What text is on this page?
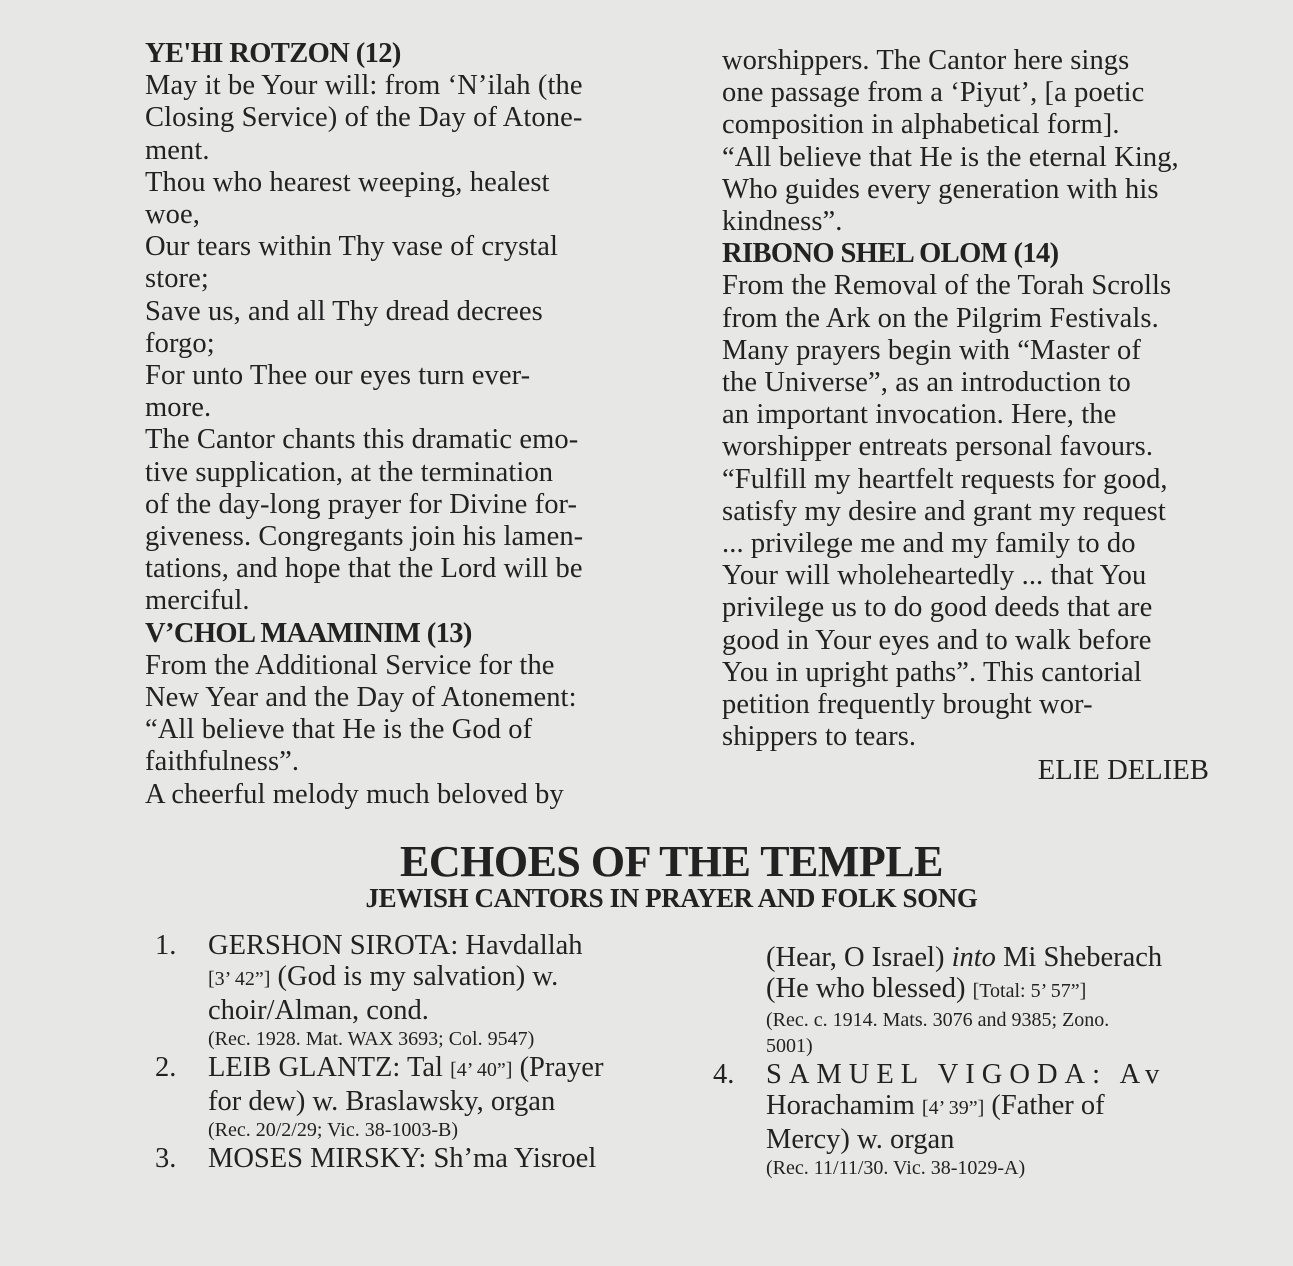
YE'HI ROTZON (12)
May it be Your will: from ‘N’ilah (the
Closing Service) of the Day of Atone-
ment.
Thou who hearest weeping, healest
woe,
Our tears within Thy vase of crystal
store;
Save us, and all Thy dread decrees
forgo;
For unto Thee our eyes turn ever-
more.
The Cantor chants this dramatic emo-
tive supplication, at the termination
of the day-long prayer for Divine for-
giveness. Congregants join his lamen-
tations, and hope that the Lord will be
merciful.
V’CHOL MAAMINIM (13)
From the Additional Service for the
New Year and the Day of Atonement:
“All believe that He is the God of
faithfulness”.
A cheerful melody much beloved by
worshippers. The Cantor here sings
one passage from a ‘Piyut’, [a poetic
composition in alphabetical form].
“All believe that He is the eternal King,
Who guides every generation with his
kindness”.
RIBONO SHEL OLOM (14)
From the Removal of the Torah Scrolls
from the Ark on the Pilgrim Festivals.
Many prayers begin with “Master of
the Universe”, as an introduction to
an important invocation. Here, the
worshipper entreats personal favours.
“Fulfill my heartfelt requests for good,
satisfy my desire and grant my request
... privilege me and my family to do
Your will wholeheartedly ... that You
privilege us to do good deeds that are
good in Your eyes and to walk before
You in upright paths”. This cantorial
petition frequently brought wor-
shippers to tears.
ELIE DELIEB
ECHOES OF THE TEMPLE
JEWISH CANTORS IN PRAYER AND FOLK SONG
1. GERSHON SIROTA: Havdallah
[3’ 42”] (God is my salvation) w.
choir/Alman, cond.
(Rec. 1928. Mat. WAX 3693; Col. 9547)
2. LEIB GLANTZ: Tal [4’ 40”] (Prayer
for dew) w. Braslawsky, organ
(Rec. 20/2/29; Vic. 38-1003-B)
3. MOSES MIRSKY: Sh’ma Yisroel
(Hear, O Israel) into Mi Sheberach
(He who blessed) [Total: 5’ 57”]
(Rec. c. 1914. Mats. 3076 and 9385; Zono.
5001)
4. SAMUEL VIGODA: Av
Horachamim [4’ 39”] (Father of
Mercy) w. organ
(Rec. 11/11/30. Vic. 38-1029-A)
